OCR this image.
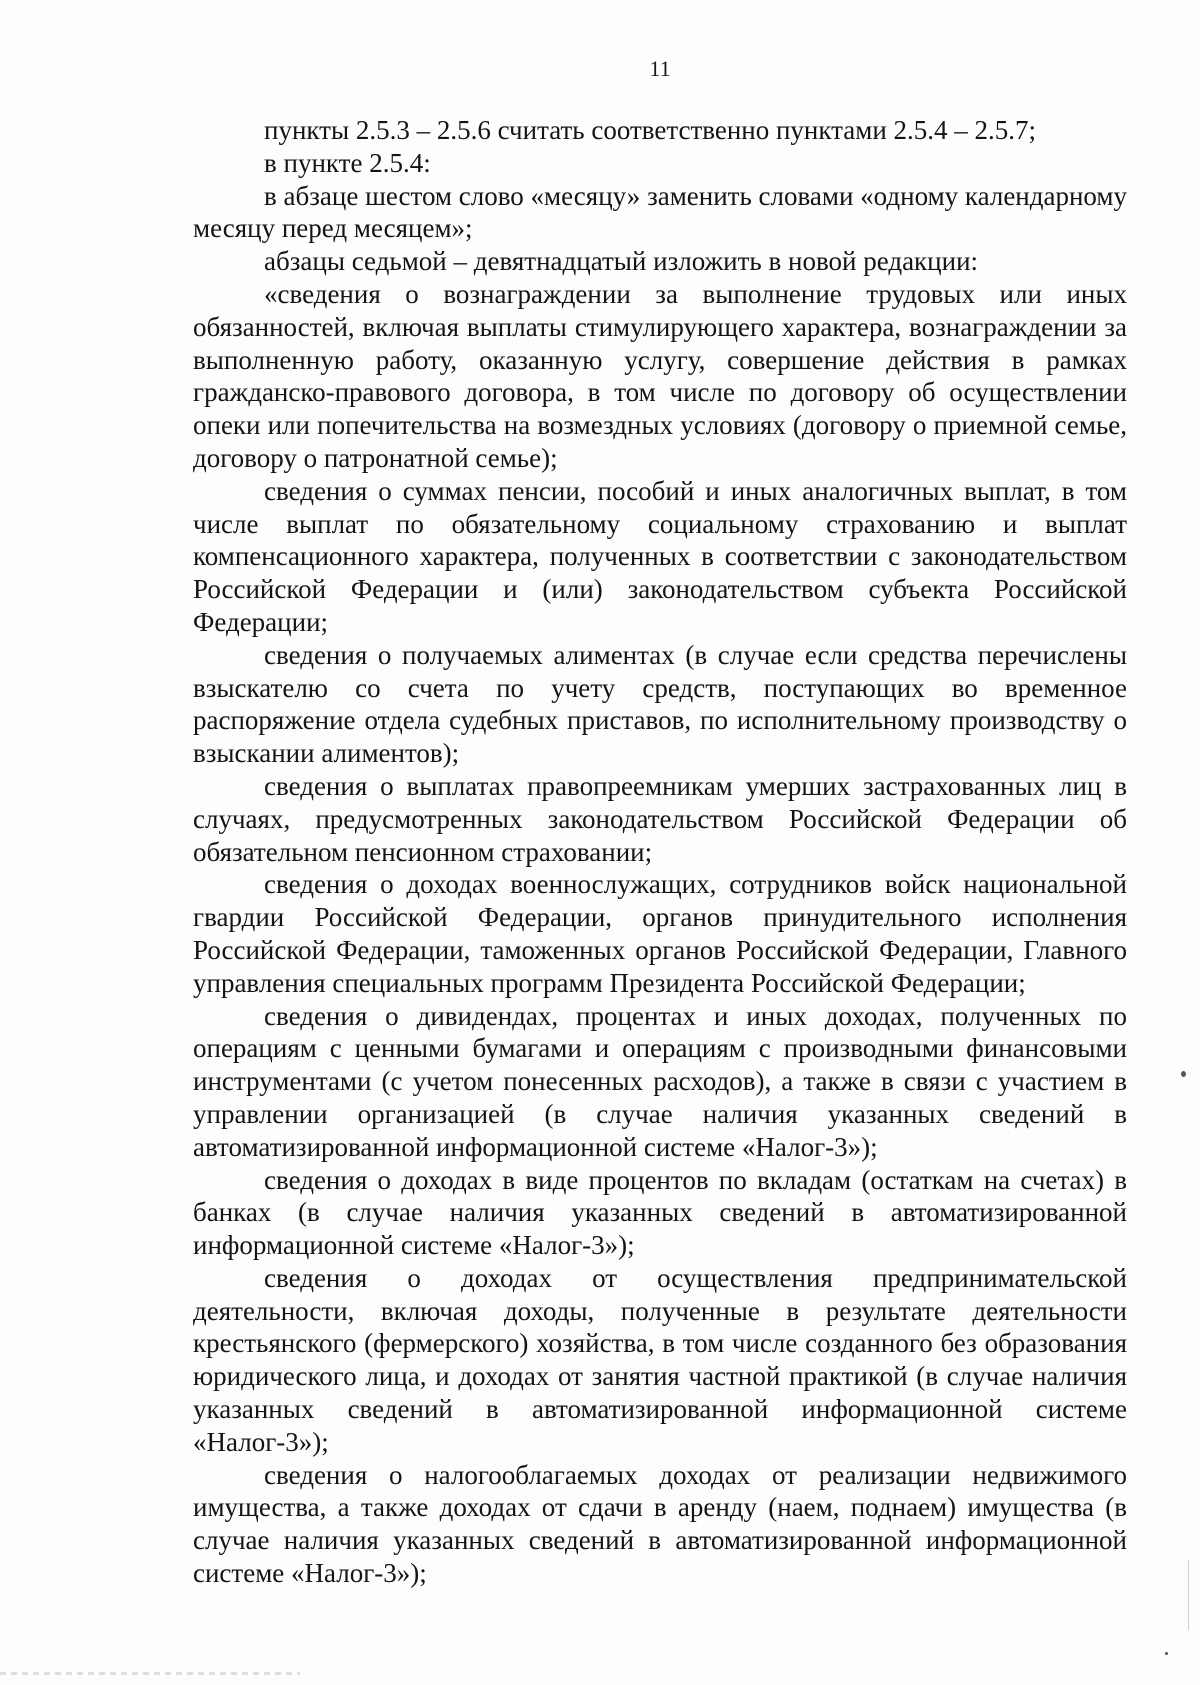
11

пункты 2.5.3 – 2.5.6 считать соответственно пунктами 2.5.4 – 2.5.7;

в пункте 2.5.4:

в абзаце шестом слово «месяцу» заменить словами «одному календарному месяцу перед месяцем»;

абзацы седьмой – девятнадцатый изложить в новой редакции:

«сведения о вознаграждении за выполнение трудовых или иных обязанностей, включая выплаты стимулирующего характера, вознаграждении за выполненную работу, оказанную услугу, совершение действия в рамках гражданско-правового договора, в том числе по договору об осуществлении опеки или попечительства на возмездных условиях (договору о приемной семье, договору о патронатной семье);

сведения о суммах пенсии, пособий и иных аналогичных выплат, в том числе выплат по обязательному социальному страхованию и выплат компенсационного характера, полученных в соответствии с законодательством Российской Федерации и (или) законодательством субъекта Российской Федерации;

сведения о получаемых алиментах (в случае если средства перечислены взыскателю со счета по учету средств, поступающих во временное распоряжение отдела судебных приставов, по исполнительному производству о взыскании алиментов);

сведения о выплатах правопреемникам умерших застрахованных лиц в случаях, предусмотренных законодательством Российской Федерации об обязательном пенсионном страховании;

сведения о доходах военнослужащих, сотрудников войск национальной гвардии Российской Федерации, органов принудительного исполнения Российской Федерации, таможенных органов Российской Федерации, Главного управления специальных программ Президента Российской Федерации;

сведения о дивидендах, процентах и иных доходах, полученных по операциям с ценными бумагами и операциям с производными финансовыми инструментами (с учетом понесенных расходов), а также в связи с участием в управлении организацией (в случае наличия указанных сведений в автоматизированной информационной системе «Налог-3»);

сведения о доходах в виде процентов по вкладам (остаткам на счетах) в банках (в случае наличия указанных сведений в автоматизированной информационной системе «Налог-3»);

сведения о доходах от осуществления предпринимательской деятельности, включая доходы, полученные в результате деятельности крестьянского (фермерского) хозяйства, в том числе созданного без образования юридического лица, и доходах от занятия частной практикой (в случае наличия указанных сведений в автоматизированной информационной системе «Налог-3»);

сведения о налогооблагаемых доходах от реализации недвижимого имущества, а также доходах от сдачи в аренду (наем, поднаем) имущества (в случае наличия указанных сведений в автоматизированной информационной системе «Налог-3»);
